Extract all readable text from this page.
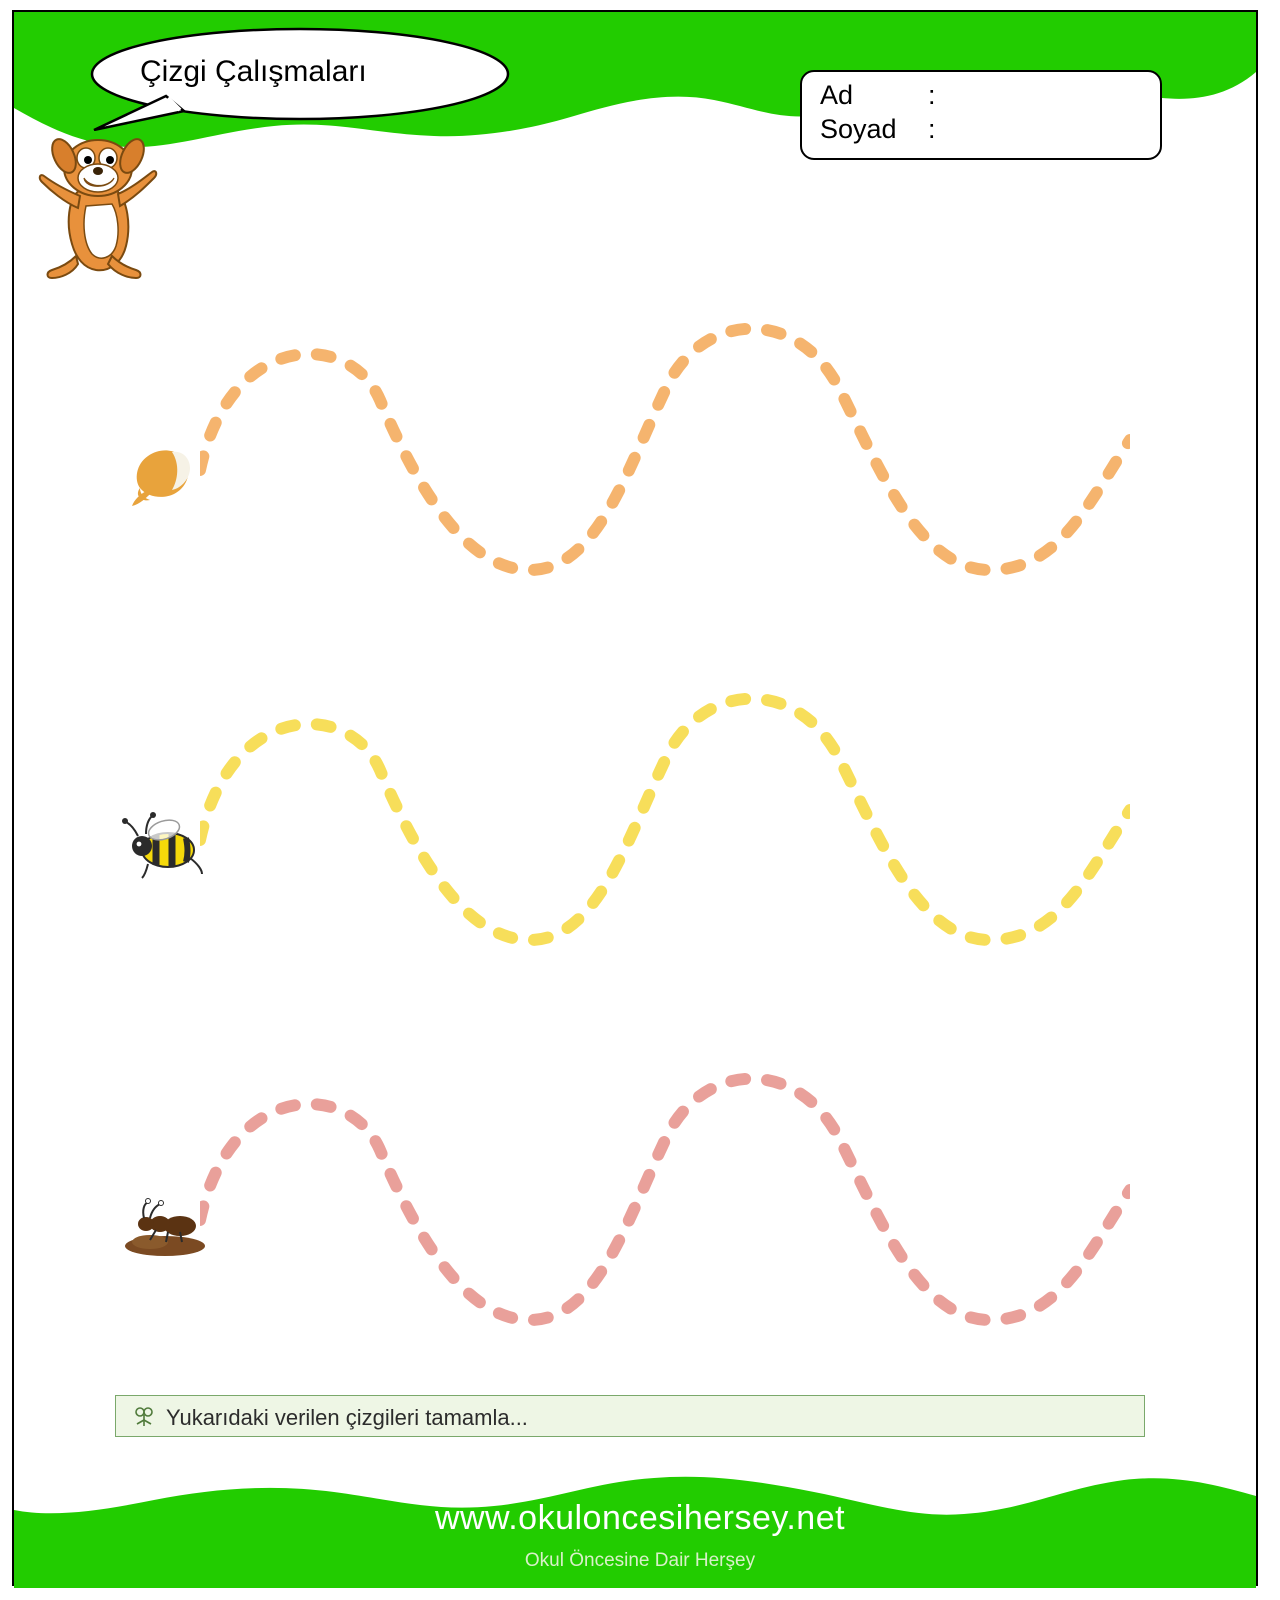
Çizgi Çalışmaları
Ad	:
Soyad :
Yukarıdaki verilen çizgileri tamamla...
www.okuloncesihersey.net
Okul Öncesine Dair Herşey
